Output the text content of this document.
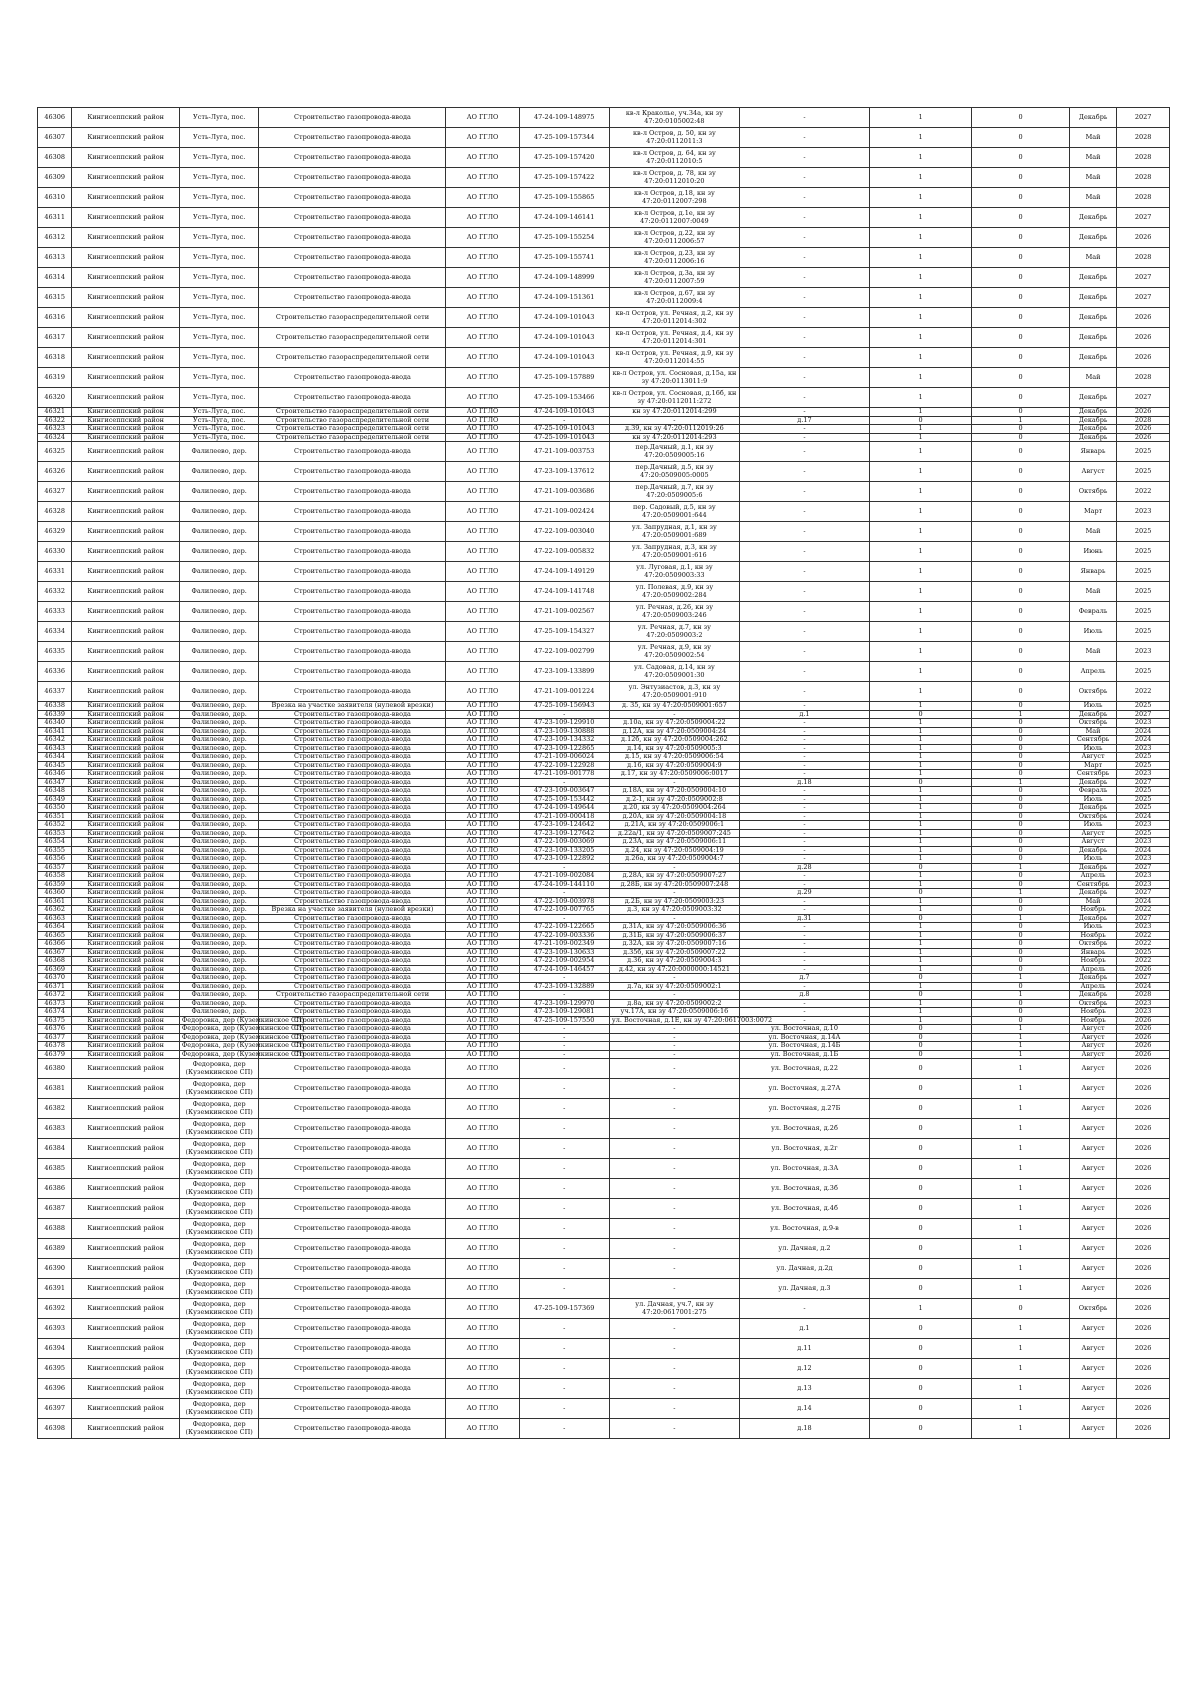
46306	Кингисеппский район	Усть-Луга, пос.	Строительство газопровода-ввода	АО ГГЛО	47-24-109-148975	кв-л Краколье, уч.34а, кн зу 47:20:0105002:48	-	1	0	Декабрь	2027
46307	Кингисеппский район	Усть-Луга, пос.	Строительство газопровода-ввода	АО ГГЛО	47-25-109-157344	кв-л Остров, д. 50, кн зу 47:20:0112011:3	-	1	0	Май	2028
46308	Кингисеппский район	Усть-Луга, пос.	Строительство газопровода-ввода	АО ГГЛО	47-25-109-157420	кв-л Остров, д. 64, кн зу 47:20:0112010:5	-	1	0	Май	2028
46309	Кингисеппский район	Усть-Луга, пос.	Строительство газопровода-ввода	АО ГГЛО	47-25-109-157422	кв-л Остров, д. 78, кн зу 47:20:0112010:20	-	1	0	Май	2028
46310	Кингисеппский район	Усть-Луга, пос.	Строительство газопровода-ввода	АО ГГЛО	47-25-109-155865	кв-л Остров, д.18, кн зу 47:20:0112007:298	-	1	0	Май	2028
46311	Кингисеппский район	Усть-Луга, пос.	Строительство газопровода-ввода	АО ГГЛО	47-24-109-146141	кв-л Остров, д.1е, кн зу 47:20:0112007:0049	-	1	0	Декабрь	2027
46312	Кингисеппский район	Усть-Луга, пос.	Строительство газопровода-ввода	АО ГГЛО	47-25-109-155254	кв-л Остров, д.22, кн зу 47:20:0112006:57	-	1	0	Декабрь	2026
46313	Кингисеппский район	Усть-Луга, пос.	Строительство газопровода-ввода	АО ГГЛО	47-25-109-155741	кв-л Остров, д.23, кн зу 47:20:0112006:16	-	1	0	Май	2028
46314	Кингисеппский район	Усть-Луга, пос.	Строительство газопровода-ввода	АО ГГЛО	47-24-109-148999	кв-л Остров, д.3а, кн зу 47:20:0112007:59	-	1	0	Декабрь	2027
46315	Кингисеппский район	Усть-Луга, пос.	Строительство газопровода-ввода	АО ГГЛО	47-24-109-151361	кв-л Остров, д.67, кн зу 47:20:0112009:4	-	1	0	Декабрь	2027
46316	Кингисеппский район	Усть-Луга, пос.	Строительство газораспределительной сети	АО ГГЛО	47-24-109-101043	кв-л Остров, ул. Речная, д.2, кн зу 47:20:0112014:302	-	1	0	Декабрь	2026
46317	Кингисеппский район	Усть-Луга, пос.	Строительство газораспределительной сети	АО ГГЛО	47-24-109-101043	кв-л Остров, ул. Речная, д.4, кн зу 47:20:0112014:301	-	1	0	Декабрь	2026
46318	Кингисеппский район	Усть-Луга, пос.	Строительство газораспределительной сети	АО ГГЛО	47-24-109-101043	кв-л Остров, ул. Речная, д.9, кн зу 47:20:0112014:55	-	1	0	Декабрь	2026
46319	Кингисеппский район	Усть-Луга, пос.	Строительство газопровода-ввода	АО ГГЛО	47-25-109-157889	кв-л Остров, ул. Сосновая, д.15а, кн зу 47:20:0113011:9	-	1	0	Май	2028
46320	Кингисеппский район	Усть-Луга, пос.	Строительство газопровода-ввода	АО ГГЛО	47-25-109-153466	кв-л Остров, ул. Сосновая, д.16б, кн зу 47:20:0112011:272	-	1	0	Декабрь	2027
46321	Кингисеппский район	Усть-Луга, пос.	Строительство газораспределительной сети	АО ГГЛО	47-24-109-101043	кн зу 47:20:0112014:299	-	1	0	Декабрь	2026
46322	Кингисеппский район	Усть-Луга, пос.	Строительство газораспределительной сети	АО ГГЛО	-	-	д.17	0	1	Декабрь	2028
46323	Кингисеппский район	Усть-Луга, пос.	Строительство газораспределительной сети	АО ГГЛО	47-25-109-101043	д.39, кн зу 47:20:0112019:26	-	1	0	Декабрь	2026
46324	Кингисеппский район	Усть-Луга, пос.	Строительство газораспределительной сети	АО ГГЛО	47-25-109-101043	кн зу 47:20:0112014:293	-	1	0	Декабрь	2026
46325	Кингисеппский район	Фалилеево, дер.	Строительство газопровода-ввода	АО ГГЛО	47-21-109-003753	пер.Дачный, д.1, кн зу 47:20:0509005:16	-	1	0	Январь	2025
46326	Кингисеппский район	Фалилеево, дер.	Строительство газопровода-ввода	АО ГГЛО	47-23-109-137612	пер.Дачный, д.5, кн зу 47:20:0509005:0005	-	1	0	Август	2025
46327	Кингисеппский район	Фалилеево, дер.	Строительство газопровода-ввода	АО ГГЛО	47-21-109-003686	пер.Дачный, д.7, кн зу 47:20:0509005:6	-	1	0	Октябрь	2022
46328	Кингисеппский район	Фалилеево, дер.	Строительство газопровода-ввода	АО ГГЛО	47-21-109-002424	пер. Садовый, д.5, кн зу 47:20:0509001:644	-	1	0	Март	2023
46329	Кингисеппский район	Фалилеево, дер.	Строительство газопровода-ввода	АО ГГЛО	47-22-109-003040	ул. Запрудная, д.1, кн зу 47:20:0509001:689	-	1	0	Май	2025
46330	Кингисеппский район	Фалилеево, дер.	Строительство газопровода-ввода	АО ГГЛО	47-22-109-005832	ул. Запрудная, д.3, кн зу 47:20:0509001:616	-	1	0	Июнь	2025
46331	Кингисеппский район	Фалилеево, дер.	Строительство газопровода-ввода	АО ГГЛО	47-24-109-149129	ул. Луговая, д.1, кн зу 47:20:0509003:33	-	1	0	Январь	2025
46332	Кингисеппский район	Фалилеево, дер.	Строительство газопровода-ввода	АО ГГЛО	47-24-109-141748	ул. Полевая, д.9, кн зу 47:20:0509002:284	-	1	0	Май	2025
46333	Кингисеппский район	Фалилеево, дер.	Строительство газопровода-ввода	АО ГГЛО	47-21-109-002567	ул. Речная, д.26, кн зу 47:20:0509003:246	-	1	0	Февраль	2025
46334	Кингисеппский район	Фалилеево, дер.	Строительство газопровода-ввода	АО ГГЛО	47-25-109-154327	ул. Речная, д.7, кн зу 47:20:0509003:2	-	1	0	Июль	2025
46335	Кингисеппский район	Фалилеево, дер.	Строительство газопровода-ввода	АО ГГЛО	47-22-109-002799	ул. Речная, д.9, кн зу 47:20:0509002:54	-	1	0	Май	2023
46336	Кингисеппский район	Фалилеево, дер.	Строительство газопровода-ввода	АО ГГЛО	47-23-109-133899	ул. Садовая, д.14, кн зу 47:20:0509001:30	-	1	0	Апрель	2025
46337	Кингисеппский район	Фалилеево, дер.	Строительство газопровода-ввода	АО ГГЛО	47-21-109-001224	ул. Энтузиастов, д.3, кн зу 47:20:0509001:910	-	1	0	Октябрь	2022
46338	Кингисеппский район	Фалилеево, дер.	Врезка на участке заявителя (нулевой врезки)	АО ГГЛО	47-25-109-156943	д. 35, кн зу 47:20:0509001:657	-	1	0	Июль	2025
46339	Кингисеппский район	Фалилеево, дер.	Строительство газопровода-ввода	АО ГГЛО	-	-	д.1	0	1	Декабрь	2027
46340	Кингисеппский район	Фалилеево, дер.	Строительство газопровода-ввода	АО ГГЛО	47-23-109-129910	д.10а, кн зу 47:20:0509004:22	-	1	0	Октябрь	2023
46341	Кингисеппский район	Фалилеево, дер.	Строительство газопровода-ввода	АО ГГЛО	47-23-109-130888	д.12А, кн зу 47:20:0509004:24	-	1	0	Май	2024
46342	Кингисеппский район	Фалилеево, дер.	Строительство газопровода-ввода	АО ГГЛО	47-23-109-134332	д.12б, кн зу 47:20:0509004:262	-	1	0	Сентябрь	2024
46343	Кингисеппский район	Фалилеево, дер.	Строительство газопровода-ввода	АО ГГЛО	47-23-109-122865	д.14, кн зу 47:20:0509005:3	-	1	0	Июль	2023
46344	Кингисеппский район	Фалилеево, дер.	Строительство газопровода-ввода	АО ГГЛО	47-21-109-006024	д.15, кн зу 47:20:0509006:54	-	1	0	Август	2025
46345	Кингисеппский район	Фалилеево, дер.	Строительство газопровода-ввода	АО ГГЛО	47-22-109-122928	д.16, кн зу 47:20:0509004:9	-	1	0	Март	2025
46346	Кингисеппский район	Фалилеево, дер.	Строительство газопровода-ввода	АО ГГЛО	47-21-109-001778	д.17, кн зу 47:20:0509006:0017	-	1	0	Сентябрь	2023
46347	Кингисеппский район	Фалилеево, дер.	Строительство газопровода-ввода	АО ГГЛО	-	-	д.18	0	1	Декабрь	2027
46348	Кингисеппский район	Фалилеево, дер.	Строительство газопровода-ввода	АО ГГЛО	47-23-109-003647	д.18А, кн зу 47:20:0509004:10	-	1	0	Февраль	2025
46349	Кингисеппский район	Фалилеево, дер.	Строительство газопровода-ввода	АО ГГЛО	47-25-109-153442	д.2-1, кн зу 47:20:0509002:8	-	1	0	Июль	2025
46350	Кингисеппский район	Фалилеево, дер.	Строительство газопровода-ввода	АО ГГЛО	47-24-109-149644	д.20, кн зу 47:20:0509004:264	-	1	0	Декабрь	2025
46351	Кингисеппский район	Фалилеево, дер.	Строительство газопровода-ввода	АО ГГЛО	47-21-109-000418	д.20А, кн зу 47:20:0509004:18	-	1	0	Октябрь	2024
46352	Кингисеппский район	Фалилеево, дер.	Строительство газопровода-ввода	АО ГГЛО	47-23-109-124642	д.21А, кн зу 47:20:0509006:1	-	1	0	Июль	2023
46353	Кингисеппский район	Фалилеево, дер.	Строительство газопровода-ввода	АО ГГЛО	47-23-109-127642	д.22а/1, кн зу 47:20:0509007:245	-	1	0	Август	2025
46354	Кингисеппский район	Фалилеево, дер.	Строительство газопровода-ввода	АО ГГЛО	47-22-109-003069	д.23А, кн зу 47:20:0509006:11	-	1	0	Август	2023
46355	Кингисеппский район	Фалилеево, дер.	Строительство газопровода-ввода	АО ГГЛО	47-23-109-133205	д.24, кн зу 47:20:0509004:19	-	1	0	Декабрь	2024
46356	Кингисеппский район	Фалилеево, дер.	Строительство газопровода-ввода	АО ГГЛО	47-23-109-122892	д.26а, кн зу 47:20:0509004:7	-	1	0	Июль	2023
46357	Кингисеппский район	Фалилеево, дер.	Строительство газопровода-ввода	АО ГГЛО	-	-	д.28	0	1	Декабрь	2027
46358	Кингисеппский район	Фалилеево, дер.	Строительство газопровода-ввода	АО ГГЛО	47-21-109-002084	д.28А, кн зу 47:20:0509007:27	-	1	0	Апрель	2023
46359	Кингисеппский район	Фалилеево, дер.	Строительство газопровода-ввода	АО ГГЛО	47-24-109-144110	д.28Б, кн зу 47:20:0509007:248	-	1	0	Сентябрь	2023
46360	Кингисеппский район	Фалилеево, дер.	Строительство газопровода-ввода	АО ГГЛО	-	-	д.29	0	1	Декабрь	2027
46361	Кингисеппский район	Фалилеево, дер.	Строительство газопровода-ввода	АО ГГЛО	47-22-109-003978	д.2Б, кн зу 47:20:0509003:23	-	1	0	Май	2024
46362	Кингисеппский район	Фалилеево, дер.	Врезка на участке заявителя (нулевой врезки)	АО ГГЛО	47-22-109-007765	д.3, кн зу 47:20:0509003:32	-	1	0	Ноябрь	2022
46363	Кингисеппский район	Фалилеево, дер.	Строительство газопровода-ввода	АО ГГЛО	-	-	д.31	0	1	Декабрь	2027
46364	Кингисеппский район	Фалилеево, дер.	Строительство газопровода-ввода	АО ГГЛО	47-22-109-122665	д.31А, кн зу 47:20:0509006:36	-	1	0	Июль	2023
46365	Кингисеппский район	Фалилеево, дер.	Строительство газопровода-ввода	АО ГГЛО	47-22-109-003336	д.31Б, кн зу 47:20:0509006:37	-	1	0	Ноябрь	2022
46366	Кингисеппский район	Фалилеево, дер.	Строительство газопровода-ввода	АО ГГЛО	47-21-109-002349	д.32А, кн зу 47:20:0509007:16	-	1	0	Октябрь	2022
46367	Кингисеппский район	Фалилеево, дер.	Строительство газопровода-ввода	АО ГГЛО	47-23-109-130633	д.35б, кн зу 47:20:0509007:22	-	1	0	Январь	2025
46368	Кингисеппский район	Фалилеево, дер.	Строительство газопровода-ввода	АО ГГЛО	47-22-109-002954	д.36, кн зу 47:20:0509004:3	-	1	0	Ноябрь	2022
46369	Кингисеппский район	Фалилеево, дер.	Строительство газопровода-ввода	АО ГГЛО	47-24-109-146457	д.42, кн зу 47:20:0000000:14521	-	1	0	Апрель	2026
46370	Кингисеппский район	Фалилеево, дер.	Строительство газопровода-ввода	АО ГГЛО	-	-	д.7	0	1	Декабрь	2027
46371	Кингисеппский район	Фалилеево, дер.	Строительство газопровода-ввода	АО ГГЛО	47-23-109-132889	д.7а, кн зу 47:20:0509002:1	-	1	0	Апрель	2024
46372	Кингисеппский район	Фалилеево, дер.	Строительство газораспределительной сети	АО ГГЛО	-	-	д.8	0	1	Декабрь	2028
46373	Кингисеппский район	Фалилеево, дер.	Строительство газопровода-ввода	АО ГГЛО	47-23-109-129970	д.8а, кн зу 47:20:0509002:2	-	1	0	Октябрь	2023
46374	Кингисеппский район	Фалилеево, дер.	Строительство газопровода-ввода	АО ГГЛО	47-23-109-129081	уч.17А, кн зу 47:20:0509006:16	-	1	0	Ноябрь	2023
46375	Кингисеппский район	Федоровка, дер (Куземкинское СП)	Строительство газопровода-ввода	АО ГГЛО	47-25-109-157550	ул. Восточная, д.1Е, кн зу 47:20:0617003:0072	-	1	0	Ноябрь	2026
46376	Кингисеппский район	Федоровка, дер (Куземкинское СП)	Строительство газопровода-ввода	АО ГГЛО	-	-	ул. Восточная, д.10	0	1	Август	2026
46377	Кингисеппский район	Федоровка, дер (Куземкинское СП)	Строительство газопровода-ввода	АО ГГЛО	-	-	ул. Восточная, д.14А	0	1	Август	2026
46378	Кингисеппский район	Федоровка, дер (Куземкинское СП)	Строительство газопровода-ввода	АО ГГЛО	-	-	ул. Восточная, д.14Б	0	1	Август	2026
46379	Кингисеппский район	Федоровка, дер (Куземкинское СП)	Строительство газопровода-ввода	АО ГГЛО	-	-	ул. Восточная, д.1Б	0	1	Август	2026
46380	Кингисеппский район	Федоровка, дер (Куземкинское СП)	Строительство газопровода-ввода	АО ГГЛО	-	-	ул. Восточная, д.22	0	1	Август	2026
46381	Кингисеппский район	Федоровка, дер (Куземкинское СП)	Строительство газопровода-ввода	АО ГГЛО	-	-	ул. Восточная, д.27А	0	1	Август	2026
46382	Кингисеппский район	Федоровка, дер (Куземкинское СП)	Строительство газопровода-ввода	АО ГГЛО	-	-	ул. Восточная, д.27Б	0	1	Август	2026
46383	Кингисеппский район	Федоровка, дер (Куземкинское СП)	Строительство газопровода-ввода	АО ГГЛО	-	-	ул. Восточная, д.2б	0	1	Август	2026
46384	Кингисеппский район	Федоровка, дер (Куземкинское СП)	Строительство газопровода-ввода	АО ГГЛО	-	-	ул. Восточная, д.2г	0	1	Август	2026
46385	Кингисеппский район	Федоровка, дер (Куземкинское СП)	Строительство газопровода-ввода	АО ГГЛО	-	-	ул. Восточная, д.3А	0	1	Август	2026
46386	Кингисеппский район	Федоровка, дер (Куземкинское СП)	Строительство газопровода-ввода	АО ГГЛО	-	-	ул. Восточная, д.3б	0	1	Август	2026
46387	Кингисеппский район	Федоровка, дер (Куземкинское СП)	Строительство газопровода-ввода	АО ГГЛО	-	-	ул. Восточная, д.4б	0	1	Август	2026
46388	Кингисеппский район	Федоровка, дер (Куземкинское СП)	Строительство газопровода-ввода	АО ГГЛО	-	-	ул. Восточная, д.9-в	0	1	Август	2026
46389	Кингисеппский район	Федоровка, дер (Куземкинское СП)	Строительство газопровода-ввода	АО ГГЛО	-	-	ул. Дачная, д.2	0	1	Август	2026
46390	Кингисеппский район	Федоровка, дер (Куземкинское СП)	Строительство газопровода-ввода	АО ГГЛО	-	-	ул. Дачная, д.2д	0	1	Август	2026
46391	Кингисеппский район	Федоровка, дер (Куземкинское СП)	Строительство газопровода-ввода	АО ГГЛО	-	-	ул. Дачная, д.3	0	1	Август	2026
46392	Кингисеппский район	Федоровка, дер (Куземкинское СП)	Строительство газопровода-ввода	АО ГГЛО	47-25-109-157369	ул. Дачная, уч.7, кн зу 47:20:0617001:275	-	1	0	Октябрь	2026
46393	Кингисеппский район	Федоровка, дер (Куземкинское СП)	Строительство газопровода-ввода	АО ГГЛО	-	-	д.1	0	1	Август	2026
46394	Кингисеппский район	Федоровка, дер (Куземкинское СП)	Строительство газопровода-ввода	АО ГГЛО	-	-	д.11	0	1	Август	2026
46395	Кингисеппский район	Федоровка, дер (Куземкинское СП)	Строительство газопровода-ввода	АО ГГЛО	-	-	д.12	0	1	Август	2026
46396	Кингисеппский район	Федоровка, дер (Куземкинское СП)	Строительство газопровода-ввода	АО ГГЛО	-	-	д.13	0	1	Август	2026
46397	Кингисеппский район	Федоровка, дер (Куземкинское СП)	Строительство газопровода-ввода	АО ГГЛО	-	-	д.14	0	1	Август	2026
46398	Кингисеппский район	Федоровка, дер (Куземкинское СП)	Строительство газопровода-ввода	АО ГГЛО	-	-	д.18	0	1	Август	2026
